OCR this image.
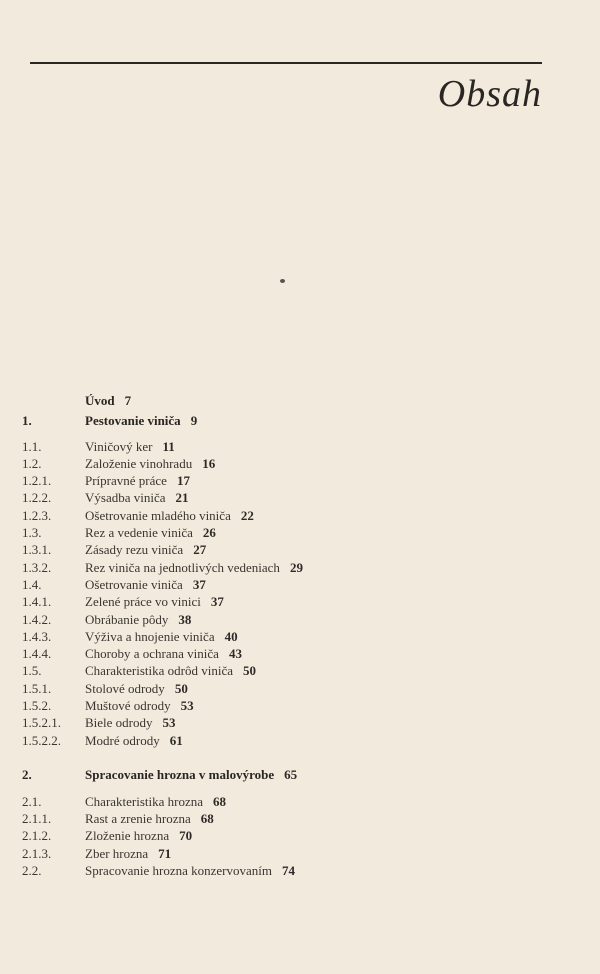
Obsah
Úvod 7
1.	Pestovanie viniča 9
1.1.	Viničový ker 11
1.2.	Založenie vinohradu 16
1.2.1.	Prípravné práce 17
1.2.2.	Výsadba viniča 21
1.2.3.	Ošetrovanie mladého viniča 22
1.3.	Rez a vedenie viniča 26
1.3.1.	Zásady rezu viniča 27
1.3.2.	Rez viniča na jednotlivých vedeniach 29
1.4.	Ošetrovanie viniča 37
1.4.1.	Zelené práce vo vinici 37
1.4.2.	Obrábanie pôdy 38
1.4.3.	Výživa a hnojenie viniča 40
1.4.4.	Choroby a ochrana viniča 43
1.5.	Charakteristika odrôd viniča 50
1.5.1.	Stolové odrody 50
1.5.2.	Muštové odrody 53
1.5.2.1. Biele odrody 53
1.5.2.2. Modré odrody 61
2.	Spracovanie hrozna v malovýrobe 65
2.1.	Charakteristika hrozna 68
2.1.1.	Rast a zrenie hrozna 68
2.1.2.	Zloženie hrozna 70
2.1.3.	Zber hrozna 71
2.2.	Spracovanie hrozna konzervovaním 74
